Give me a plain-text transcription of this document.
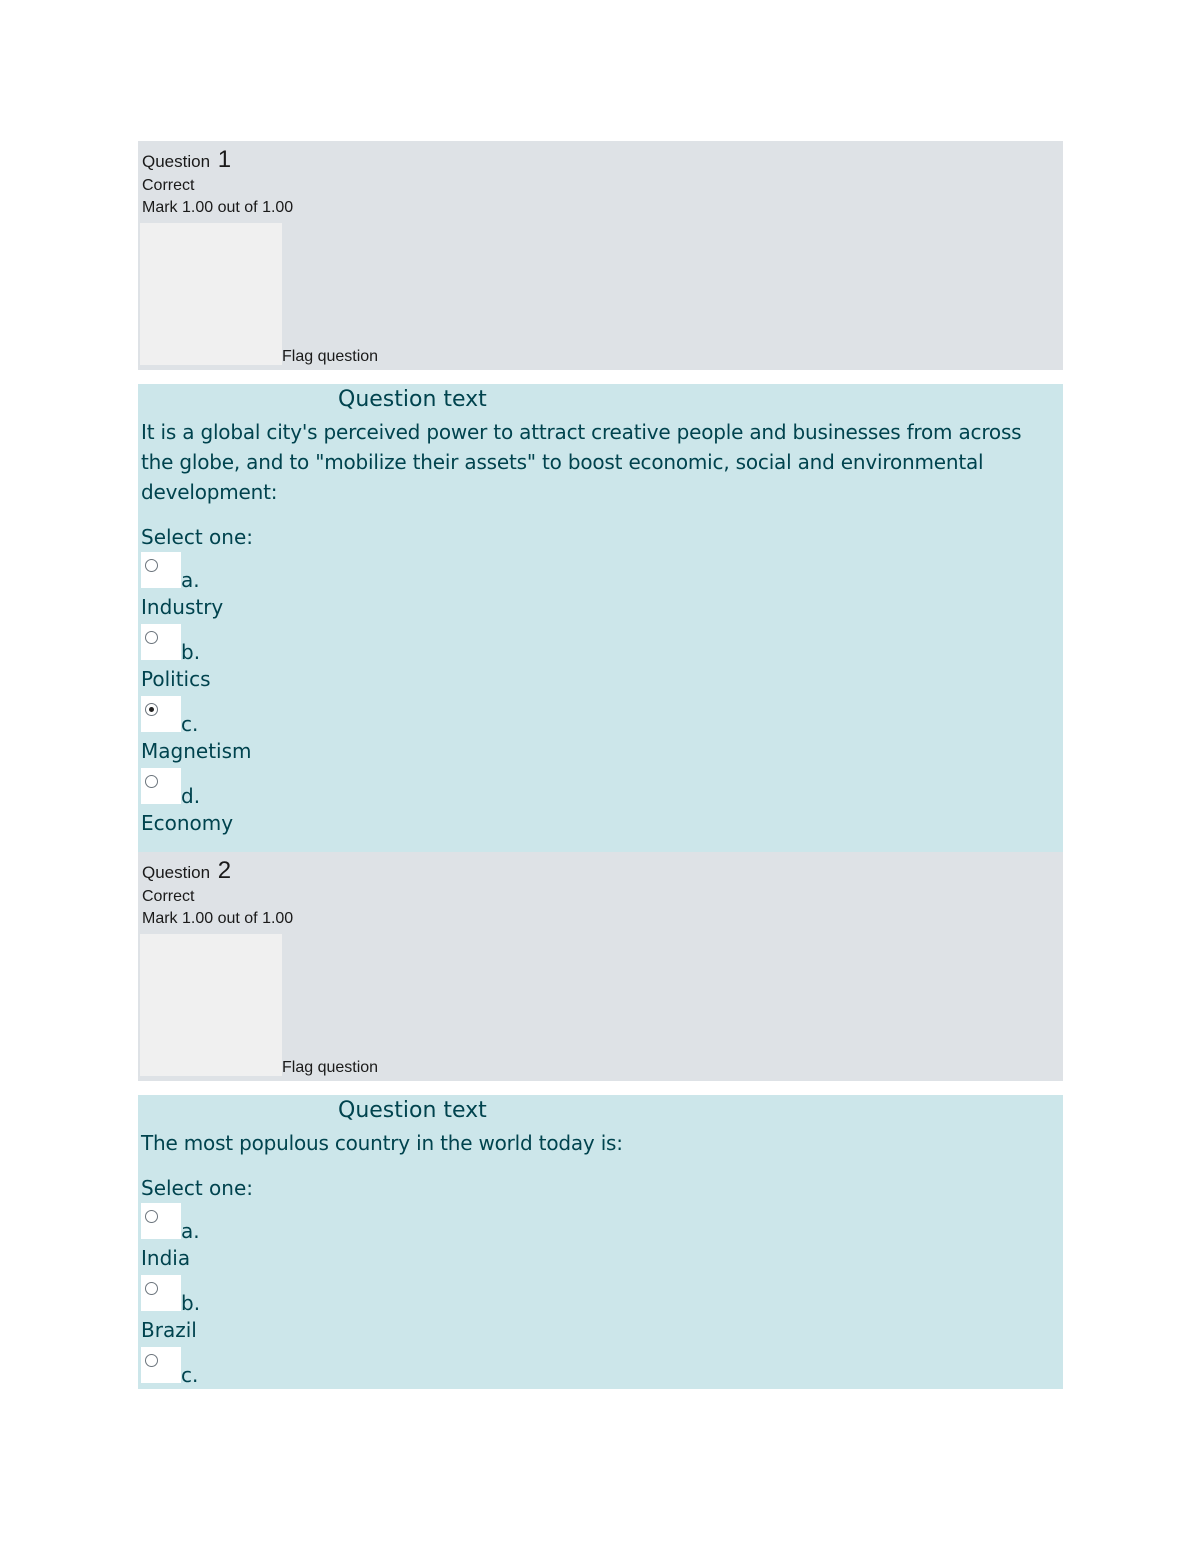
Question 1
Correct
Mark 1.00 out of 1.00
Flag question
Question text

It is a global city's perceived power to attract creative people and businesses from across the globe, and to "mobilize their assets" to boost economic, social and environmental development:

Select one:
a.
Industry
b.
Politics
c.
Magnetism
d.
Economy
Question 2
Correct
Mark 1.00 out of 1.00
Flag question
Question text

The most populous country in the world today is:

Select one:
a.
India
b.
Brazil
c.
